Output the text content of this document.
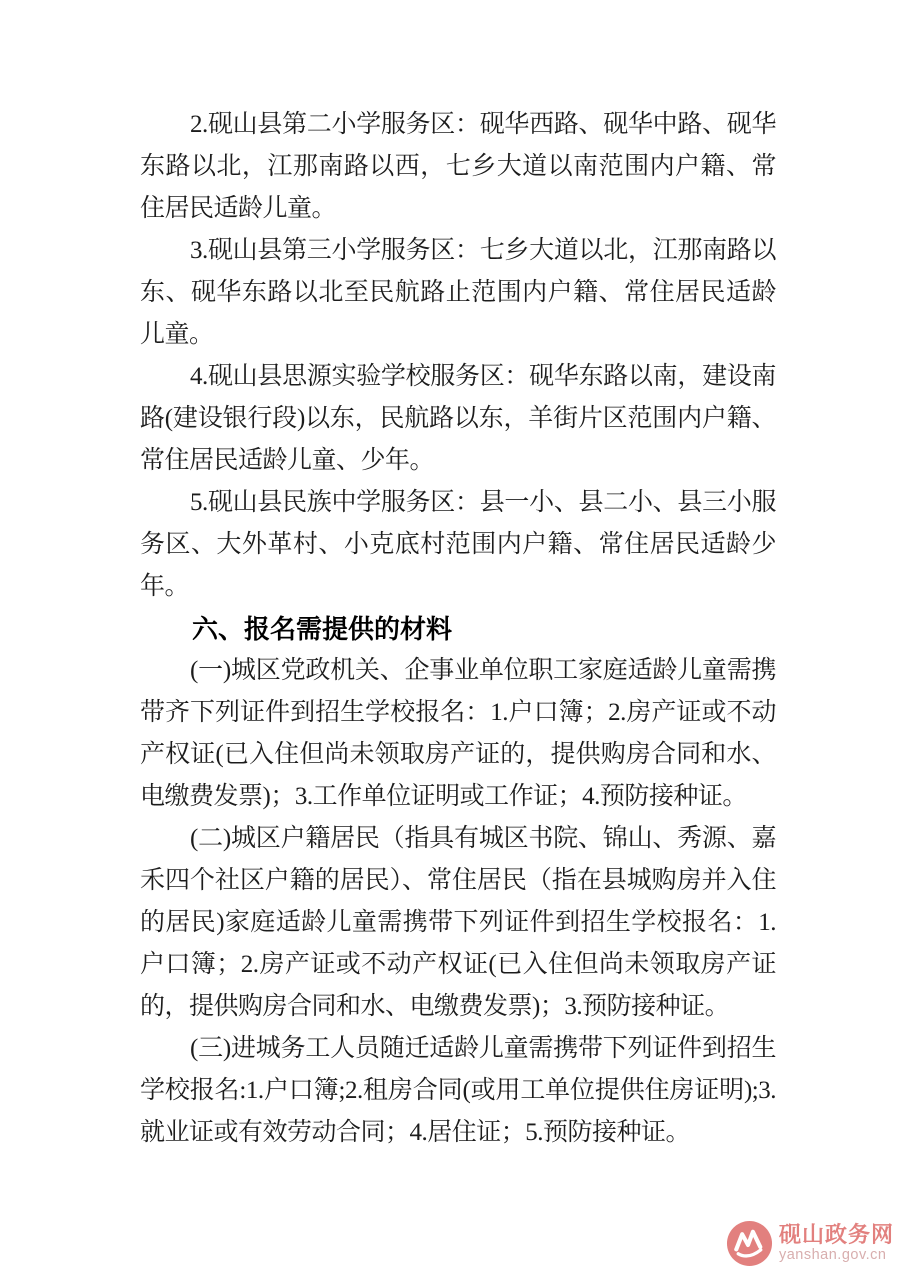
2.砚山县第二小学服务区：砚华西路、砚华中路、砚华东路以北，江那南路以西，七乡大道以南范围内户籍、常住居民适龄儿童。

3.砚山县第三小学服务区：七乡大道以北，江那南路以东、砚华东路以北至民航路止范围内户籍、常住居民适龄儿童。

4.砚山县思源实验学校服务区：砚华东路以南，建设南路(建设银行段)以东，民航路以东，羊街片区范围内户籍、常住居民适龄儿童、少年。

5.砚山县民族中学服务区：县一小、县二小、县三小服务区、大外革村、小克底村范围内户籍、常住居民适龄少年。

六、报名需提供的材料

(一)城区党政机关、企事业单位职工家庭适龄儿童需携带齐下列证件到招生学校报名：1.户口簿；2.房产证或不动产权证(已入住但尚未领取房产证的，提供购房合同和水、电缴费发票)；3.工作单位证明或工作证；4.预防接种证。

(二)城区户籍居民（指具有城区书院、锦山、秀源、嘉禾四个社区户籍的居民）、常住居民（指在县城购房并入住的居民)家庭适龄儿童需携带下列证件到招生学校报名：1.户口簿；2.房产证或不动产权证(已入住但尚未领取房产证的，提供购房合同和水、电缴费发票)；3.预防接种证。

(三)进城务工人员随迁适龄儿童需携带下列证件到招生学校报名:1.户口簿;2.租房合同(或用工单位提供住房证明);3.就业证或有效劳动合同；4.居住证；5.预防接种证。

砚山政务网
yanshan.gov.cn
